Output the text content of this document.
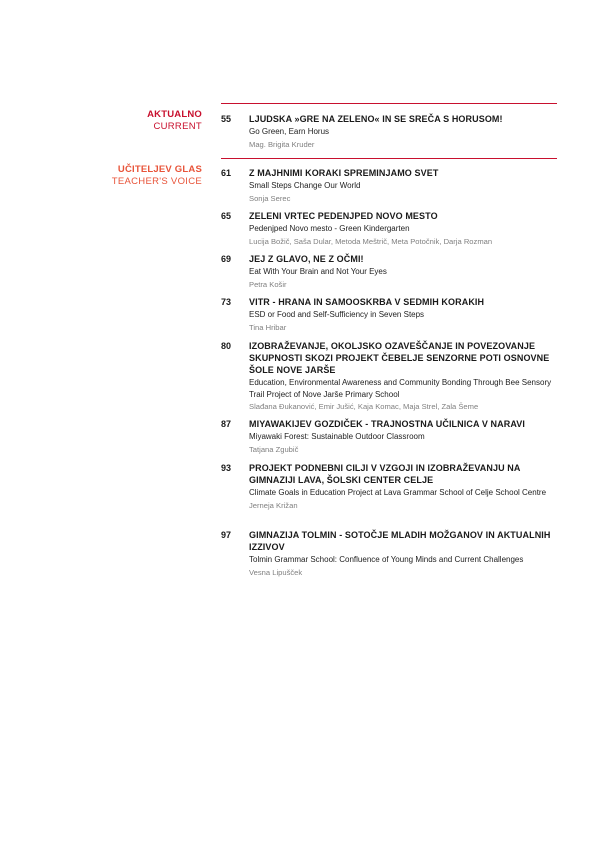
AKTUALNO
CURRENT
55 LJUDSKA »GRE NA ZELENO« IN SE SREČA S HORUSOM!
Go Green, Earn Horus
Mag. Brigita Kruder
UČITELJEV GLAS
TEACHER'S VOICE
61 Z MAJHNIMI KORAKI SPREMINJAMO SVET
Small Steps Change Our World
Sonja Serec
65 ZELENI VRTEC PEDENJPED NOVO MESTO
Pedenjped Novo mesto - Green Kindergarten
Lucija Božič, Saša Dular, Metoda Meštrič, Meta Potočnik, Darja Rozman
69 JEJ Z GLAVO, NE Z OČMI!
Eat With Your Brain and Not Your Eyes
Petra Košir
73 VITR - HRANA IN SAMOOSKRBA V SEDMIH KORAKIH
ESD or Food and Self-Sufficiency in Seven Steps
Tina Hribar
80 IZOBRAŽEVANJE, OKOLJSKO OZAVEŠČANJE IN POVEZOVANJE SKUPNOSTI SKOZI PROJEKT ČEBELJE SENZORNE POTI OSNOVNE ŠOLE NOVE JARŠE
Education, Environmental Awareness and Community Bonding Through Bee Sensory Trail Project of Nove Jarše Primary School
Slađana Đukanović, Emir Jušić, Kaja Komac, Maja Strel, Zala Šeme
87 MIYAWAKIJEV GOZDIČEK - TRAJNOSTNA UČILNICA V NARAVI
Miyawaki Forest: Sustainable Outdoor Classroom
Tatjana Zgubič
93 PROJEKT PODNEBNI CILJI V VZGOJI IN IZOBRAŽEVANJU NA GIMNAZIJI LAVA, ŠOLSKI CENTER CELJE
Climate Goals in Education Project at Lava Grammar School of Celje School Centre
Jerneja Križan
97 GIMNAZIJA TOLMIN - SOTOČJE MLADIH MOŽGANOV IN AKTUALNIH IZZIVOV
Tolmin Grammar School: Confluence of Young Minds and Current Challenges
Vesna Lipušček
